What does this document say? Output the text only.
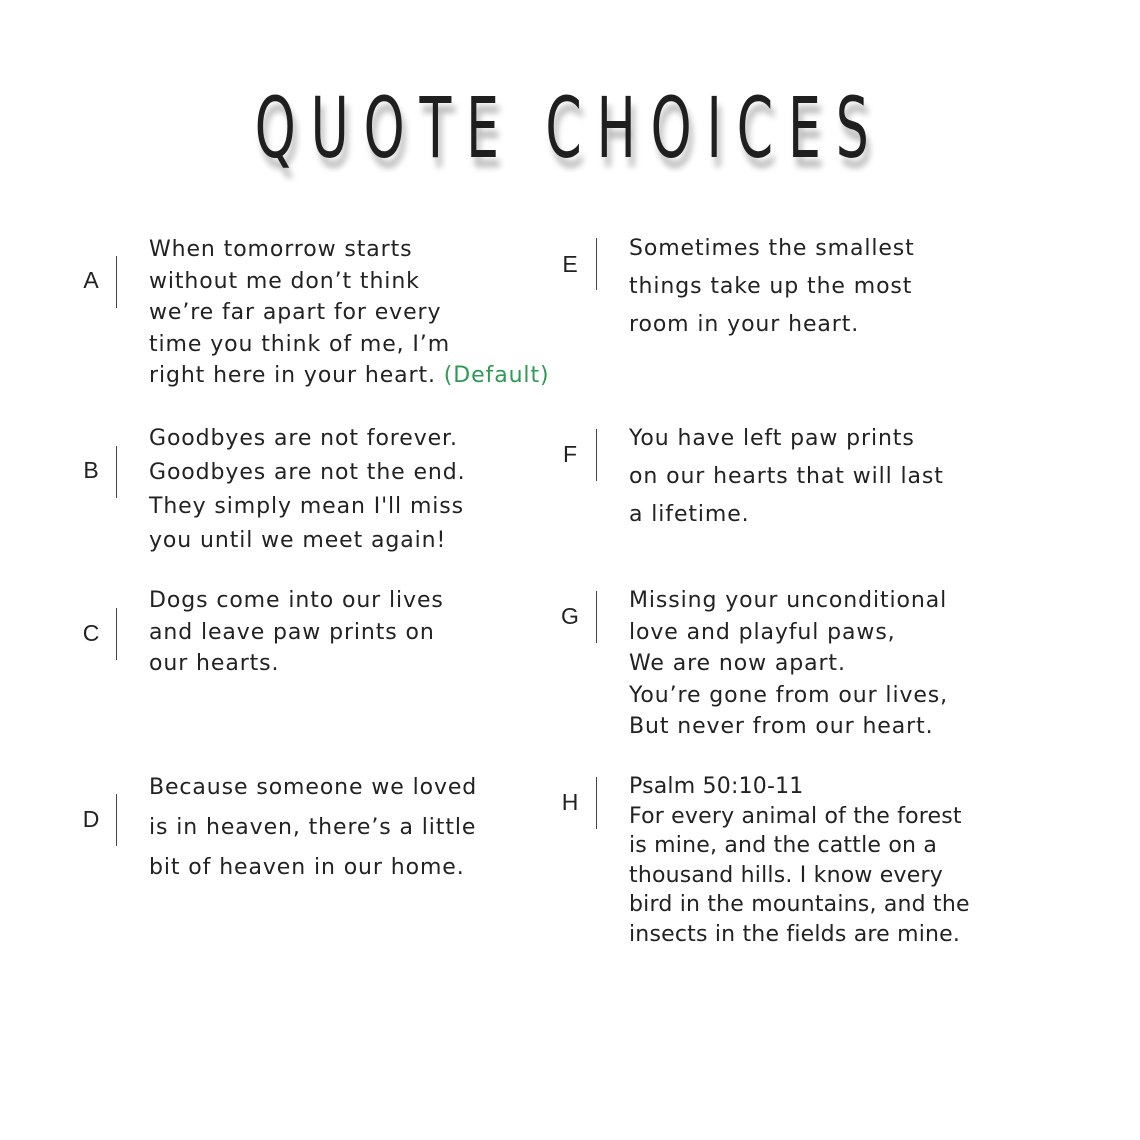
QUOTE CHOICES
A
When tomorrow starts
without me don’t think
we’re far apart for every
time you think of me, I’m
right here in your heart. (Default)
B
Goodbyes are not forever.
Goodbyes are not the end.
They simply mean I'll miss
you until we meet again!
C
Dogs come into our lives
and leave paw prints on
our hearts.
D
Because someone we loved
is in heaven, there’s a little
bit of heaven in our home.
E
Sometimes the smallest
things take up the most
room in your heart.
F
You have left paw prints
on our hearts that will last
a lifetime.
G
Missing your unconditional
love and playful paws,
We are now apart.
You’re gone from our lives,
But never from our heart.
H
Psalm 50:10-11
For every animal of the forest
is mine, and the cattle on a
thousand hills. I know every
bird in the mountains, and the
insects in the fields are mine.
